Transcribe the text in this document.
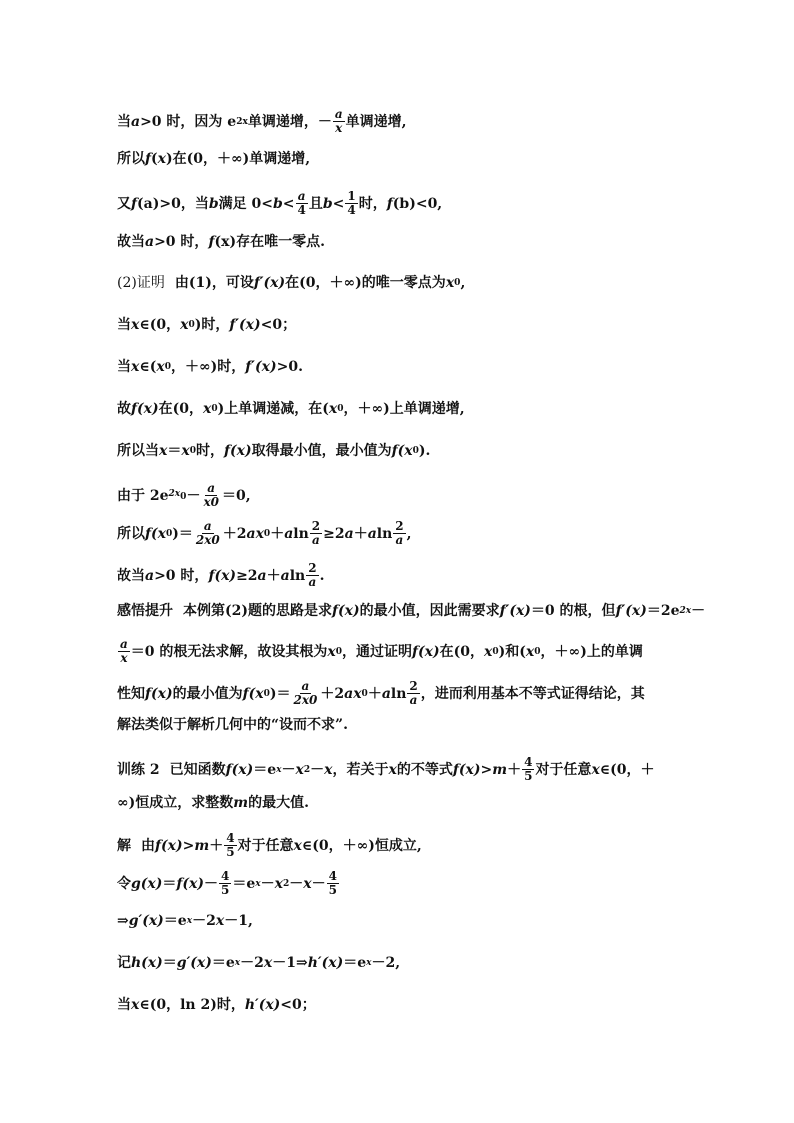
当 a >0 时，因为 e 2x 单调递增，－ $\frac{a}{x}$ 单调递增,
所以 f ( x )在(0，＋∞)单调递增,
又 f (a)>0，当 b 满足 $0< b < \frac{a}{4}$ 且 $b < \frac{1}{4}$ 时， f (b)<0,
故当 a >0 时， f (x)存在唯一零点.
(2)证明 由(1)，可设 f′(x) 在(0，＋∞)的唯一零点为 x 0 ,
当 x ∈(0， x 0 )时， f′(x) <0；
当 x ∈( x 0 ，＋∞)时， f′(x) >0.
故 f(x) 在(0， x 0 )上单调递减，在( x 0 ，＋∞)上单调递增,
所以当 x ＝ x 0 时， f(x) 取得最小值，最小值为 f(x 0 ).
由于 2e $2x_0 - \frac{a}{x0} =0$,
所以 f(x 0 )＝ $\frac{a}{2x0} +2$ ax 0 ＋ a $\ln \frac{2}{a} \ge 2$ a ＋ a $\ln \frac{2}{a}$ ,
故当 a >0 时， f(x) ≥2 a ＋ a $\ln \frac{2}{a}$ .
感悟提升 本例第(2)题的思路是求 f(x) 的最小值，因此需要求 f′(x) ＝0 的根，但 f′(x) ＝2e 2x －
$\frac{a}{x} =0$ 的根无法求解，故设其根为 x 0 ，通过证明 f(x) 在(0， x 0 )和( x 0 ，＋∞)上的单调
性知 f(x) 的最小值为 f(x 0 )＝ $\frac{a}{2x0} +2$ ax 0 ＋ a $\ln \frac{2}{a}$ ，进而利用基本不等式证得结论，其
解法类似于解析几何中的“设而不求”.
训练 2 已知函数 f(x) ＝e x － x 2 － x ，若关于 x 的不等式 $f(x) > m + \frac{4}{5}$ 对于任意 x ∈(0，＋
∞)恒成立，求整数 m 的最大值.
解 由 $f(x) > m + \frac{4}{5}$ 对于任意 x ∈(0，＋∞)恒成立,
令 $g(x) = f(x) - \frac{4}{5} =e$ x － x $2 - x - \frac{4}{5}$
⇒ g′(x) ＝e x －2 x －1,
记 h(x) ＝ g′(x) ＝e x －2 x －1⇒ h′(x) ＝e x －2,
当 x ∈(0，ln 2)时， h′(x) <0；
